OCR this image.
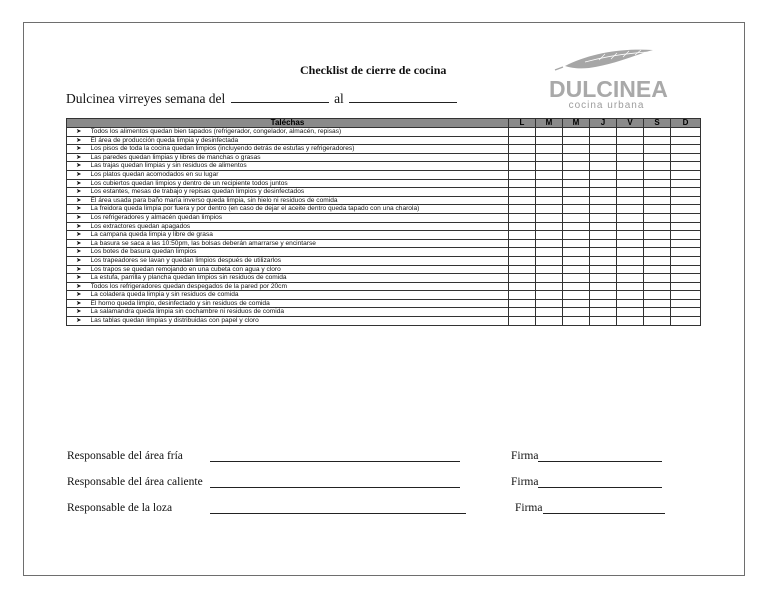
Checklist de cierre de cocina
Dulcinea virreyes semana del	al	DULCINEA
cocina urbana
Taléchas		L	M	M	J	V	S	D
➤	Todos los alimentos quedan bien tapados (refrigerador, congelador, almacén, repisas)							
➤	El área de producción queda limpia y desinfectada							
➤	Los pisos de toda la cocina quedan limpios (incluyendo detrás de estufas y refrigeradores)							
➤	Las paredes quedan limpias y libres de manchas o grasas							
➤	Las trajas quedan limpias y sin residuos de alimentos							
➤	Los platos quedan acomodados en su lugar							
➤	Los cubiertos quedan limpios y dentro de un recipiente todos juntos							
➤	Los estantes, mesas de trabajo y repisas quedan limpios y desinfectados							
➤	El área usada para baño maría inverso queda limpia, sin hielo ni residuos de comida							
➤	La freidora queda limpia por fuera y por dentro (en caso de dejar el aceite dentro queda tapado con una charola)							
➤	Los refrigeradores y almacén quedan limpios							
➤	Los extractores quedan apagados							
➤	La campana queda limpia y libre de grasa							
➤	La basura se saca a las 10:50pm, las bolsas deberán amarrarse y encintarse							
➤	Los botes de basura quedan limpios							
➤	Los trapeadores se lavan y quedan limpios después de utilizarlos							
➤	Los trapos se quedan remojando en una cubeta con agua y cloro							
➤	La estufa, parrilla y plancha quedan limpios sin residuos de comida							
➤	Todos los refrigeradores quedan despegados de la pared por 20cm							
➤	La coladera queda limpia y sin residuos de comida							
➤	El horno queda limpio, desinfectado y sin residuos de comida							
➤	La salamandra queda limpia sin cochambre ni residuos de comida							
➤	Las tablas quedan limpias y distribuidas con papel y cloro							
Responsable del área fría	Firma
Responsable del área caliente	Firma
Responsable de la loza	Firma
